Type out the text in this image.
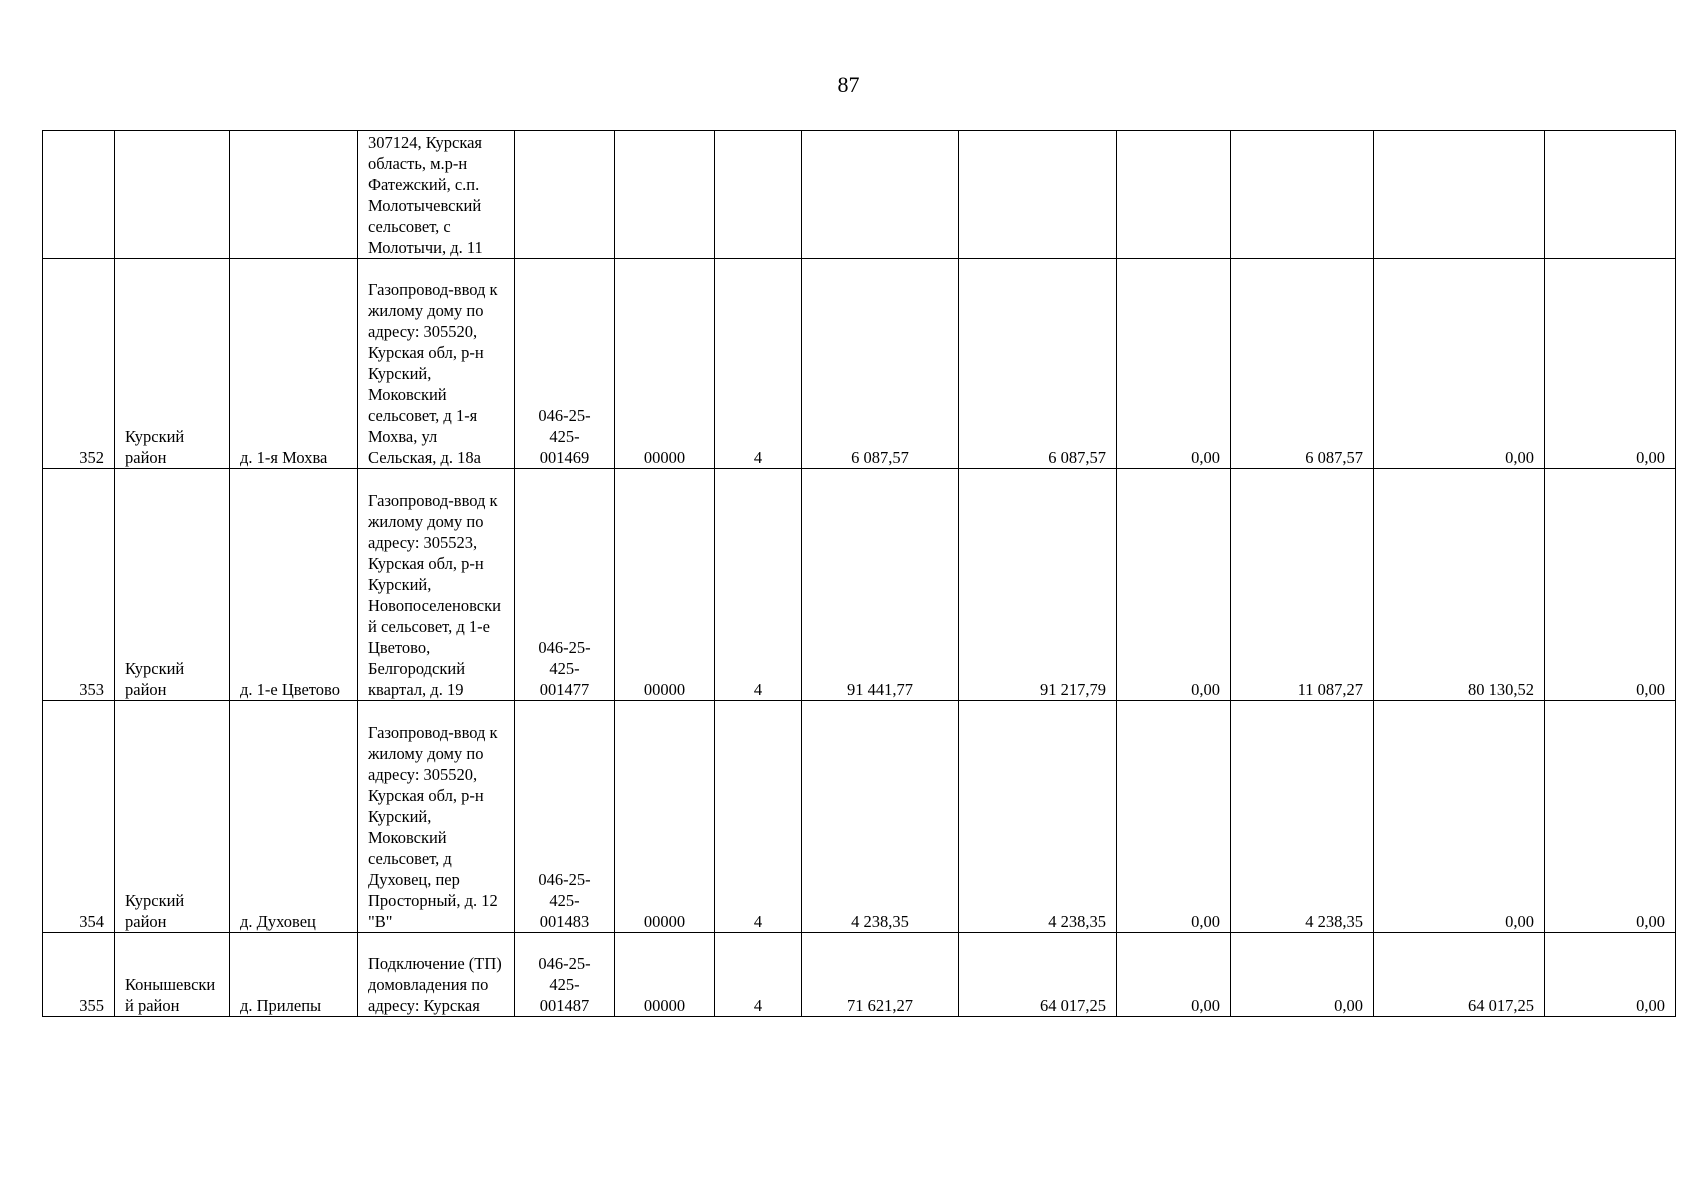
87
			307124, Курская область, м.р-н Фатежский, с.п. Молотычевский сельсовет, с Молотычи, д. 11									
352	Курский район	д. 1-я Мохва	Газопровод-ввод к жилому дому по адресу: 305520, Курская обл, р-н Курский, Моковский сельсовет, д 1-я Мохва, ул Сельская, д. 18а	046-25-425-001469	00000	4	6 087,57	6 087,57	0,00	6 087,57	0,00	0,00
353	Курский район	д. 1-е Цветово	Газопровод-ввод к жилому дому по адресу: 305523, Курская обл, р-н Курский, Новопоселеновский сельсовет, д 1-е Цветово, Белгородский квартал, д. 19	046-25-425-001477	00000	4	91 441,77	91 217,79	0,00	11 087,27	80 130,52	0,00
354	Курский район	д. Духовец	Газопровод-ввод к жилому дому по адресу: 305520, Курская обл, р-н Курский, Моковский сельсовет, д Духовец, пер Просторный, д. 12 "В"	046-25-425-001483	00000	4	4 238,35	4 238,35	0,00	4 238,35	0,00	0,00
355	Конышевский район	д. Прилепы	Подключение (ТП) домовладения по адресу: Курская	046-25-425-001487	00000	4	71 621,27	64 017,25	0,00	0,00	64 017,25	0,00
